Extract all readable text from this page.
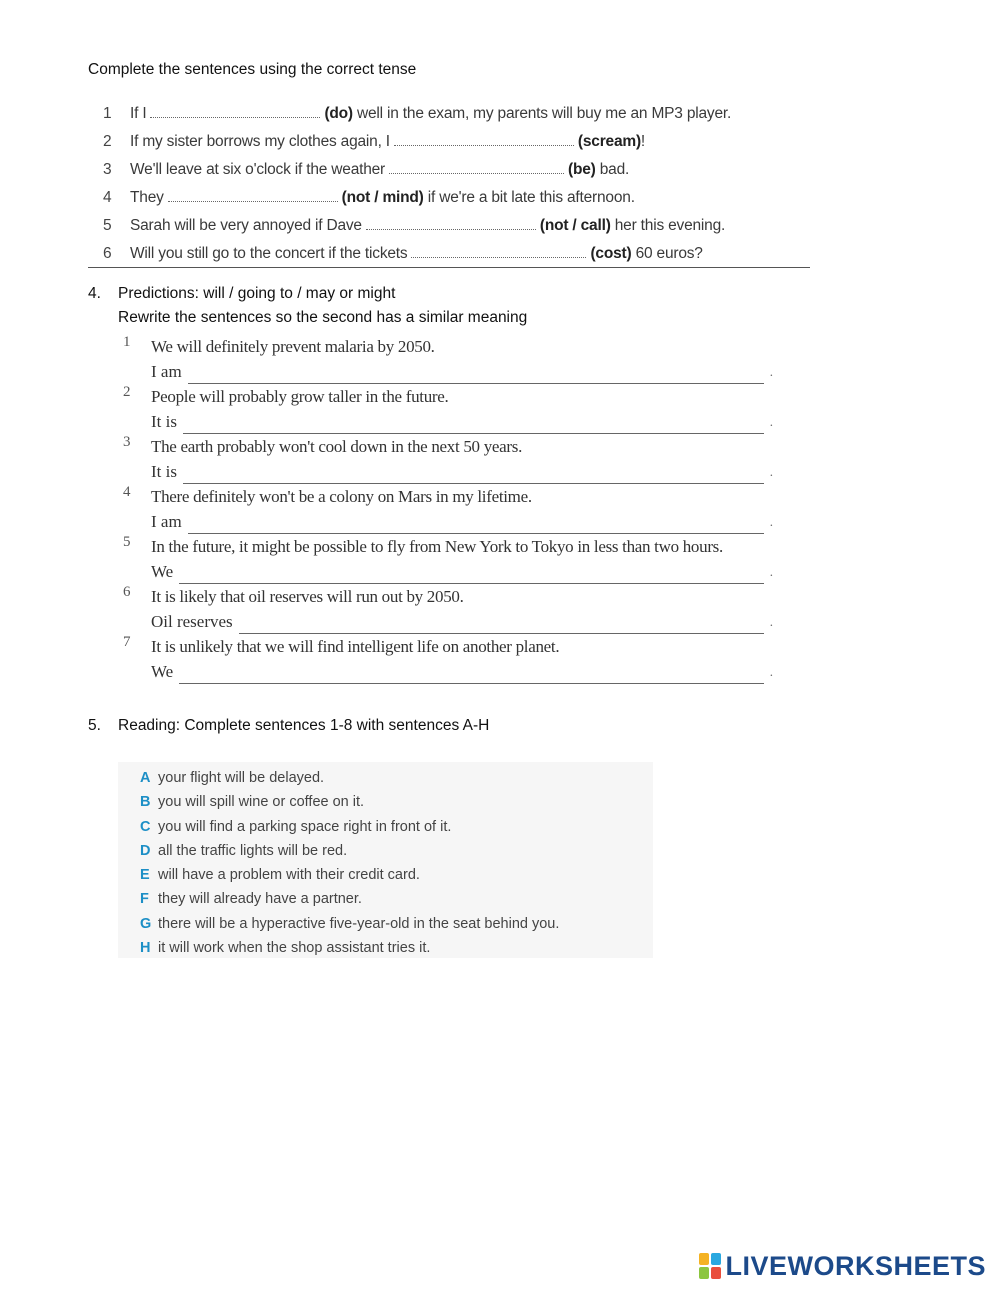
Complete the sentences using the correct tense
1 If I	(do) well in the exam, my parents will buy me an MP3 player.
2 If my sister borrows my clothes again, I	(scream)!
3 We'll leave at six o'clock if the weather	(be) bad.
4 They	(not / mind) if we're a bit late this afternoon.
5 Sarah will be very annoyed if Dave	(not / call) her this evening.
6 Will you still go to the concert if the tickets	(cost) 60 euros?
4. Predictions: will / going to / may or might
Rewrite the sentences so the second has a similar meaning
1 We will definitely prevent malaria by 2050.
I am	.
2 People will probably grow taller in the future.
It is	.
3 The earth probably won't cool down in the next 50 years.
It is	.
4 There definitely won't be a colony on Mars in my lifetime.
I am	.
5 In the future, it might be possible to fly from New York to Tokyo in less than two hours.
We	.
6 It is likely that oil reserves will run out by 2050.
Oil reserves	.
7 It is unlikely that we will find intelligent life on another planet.
We	.
5. Reading: Complete sentences 1-8 with sentences A-H
A your flight will be delayed.
B you will spill wine or coffee on it.
C you will find a parking space right in front of it.
D all the traffic lights will be red.
E will have a problem with their credit card.
F they will already have a partner.
G there will be a hyperactive five-year-old in the seat behind you.
H it will work when the shop assistant tries it.
LIVEWORKSHEETS
